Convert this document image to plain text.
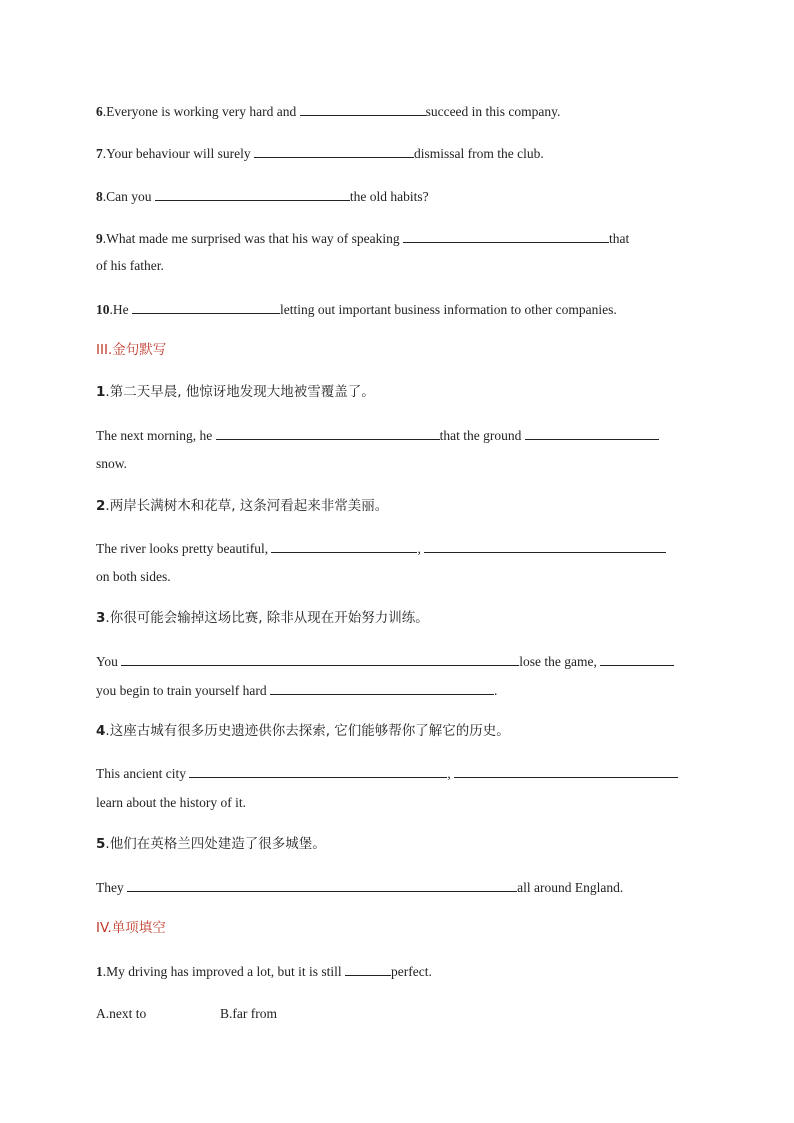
6.Everyone is working very hard and	succeed in this company.
7.Your behaviour will surely	dismissal from the club.
8.Can you	the old habits?
9.What made me surprised was that his way of speaking	that
of his father.
10.He	letting out important business information to other companies.
III.金句默写
1.第二天早晨, 他惊讶地发现大地被雪覆盖了。
The next morning, he	that the ground
snow.
2.两岸长满树木和花草, 这条河看起来非常美丽。
The river looks pretty beautiful,	,
on both sides.
3.你很可能会输掉这场比赛, 除非从现在开始努力训练。
You	lose the game,
you begin to train yourself hard	.
4.这座古城有很多历史遗迹供你去探索, 它们能够帮你了解它的历史。
This ancient city	,
learn about the history of it.
5.他们在英格兰四处建造了很多城堡。
They	all around England.
IV.单项填空
1.My driving has improved a lot, but it is still	perfect.
A.next to	B.far from
